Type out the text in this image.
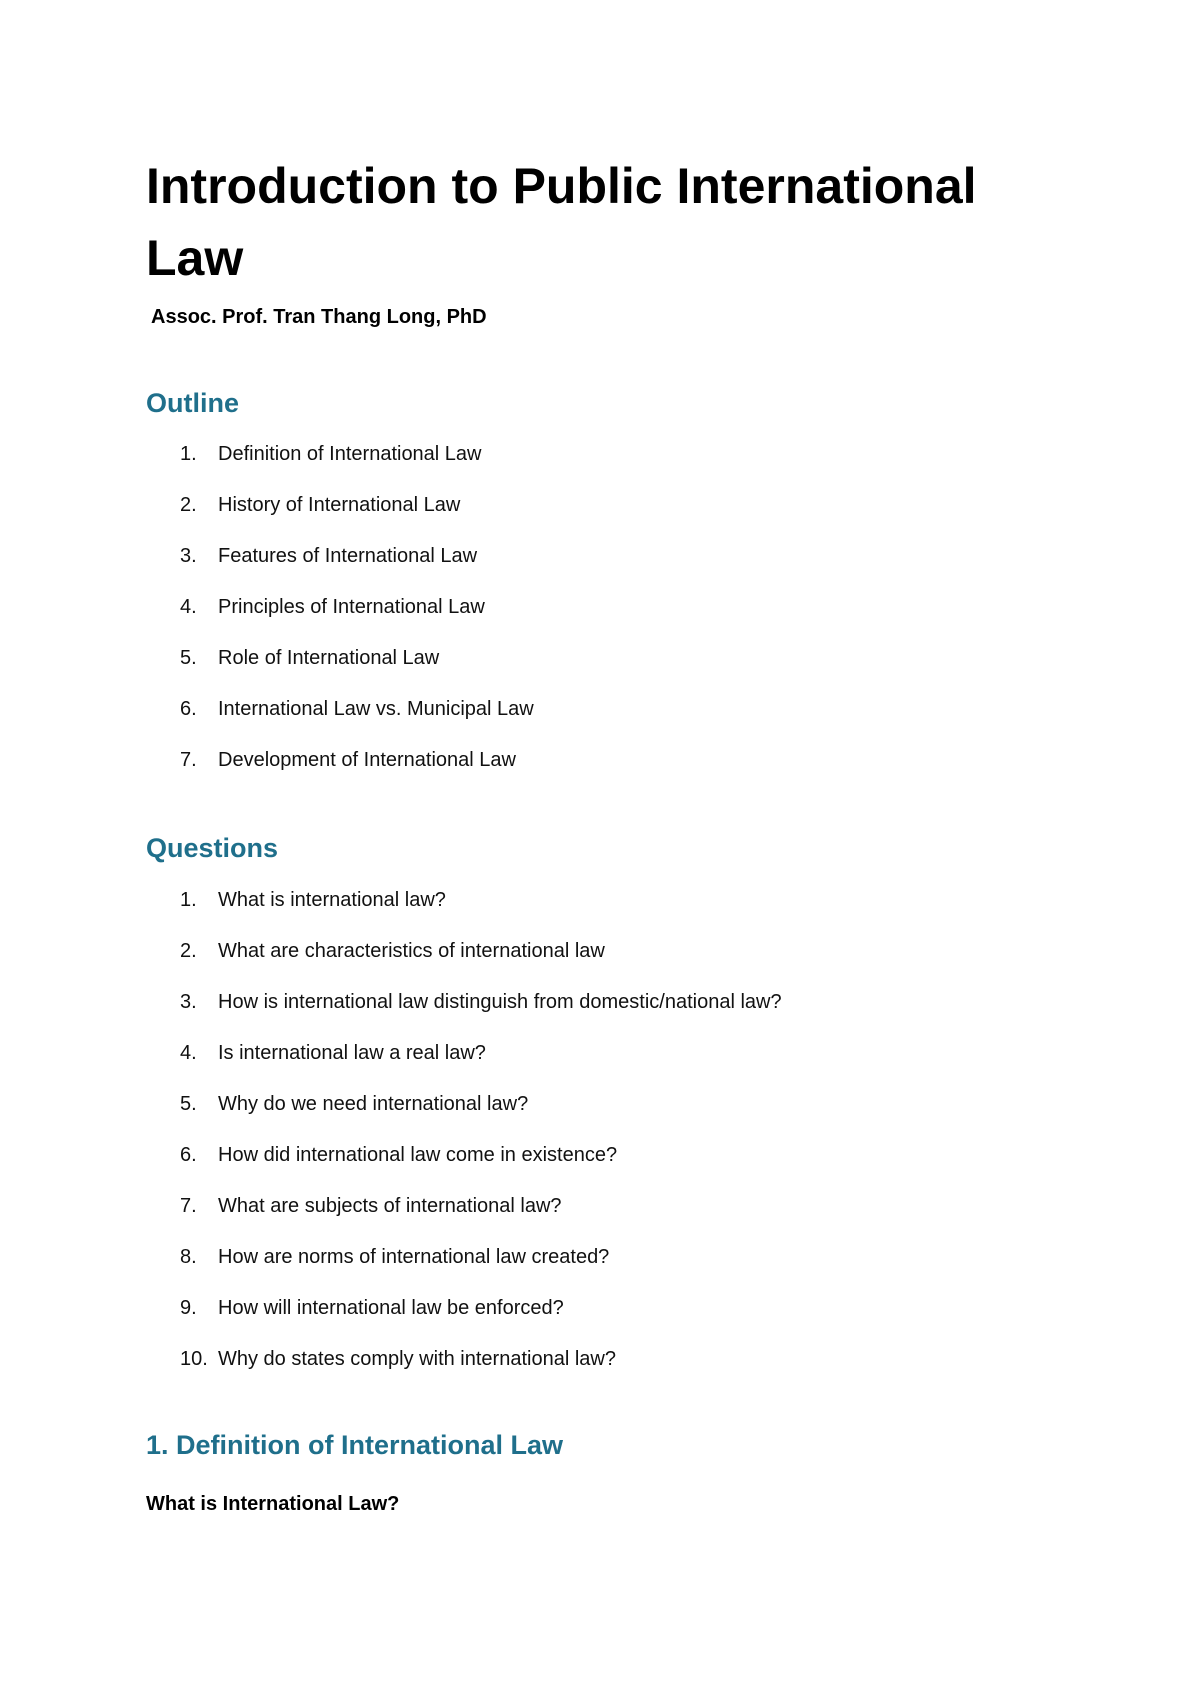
Introduction to Public International Law

Assoc. Prof. Tran Thang Long, PhD

Outline
1. Definition of International Law
2. History of International Law
3. Features of International Law
4. Principles of International Law
5. Role of International Law
6. International Law vs. Municipal Law
7. Development of International Law
Questions
1. What is international law?
2. What are characteristics of international law
3. How is international law distinguish from domestic/national law?
4. Is international law a real law?
5. Why do we need international law?
6. How did international law come in existence?
7. What are subjects of international law?
8. How are norms of international law created?
9. How will international law be enforced?
10. Why do states comply with international law?
1. Definition of International Law

What is International Law?
